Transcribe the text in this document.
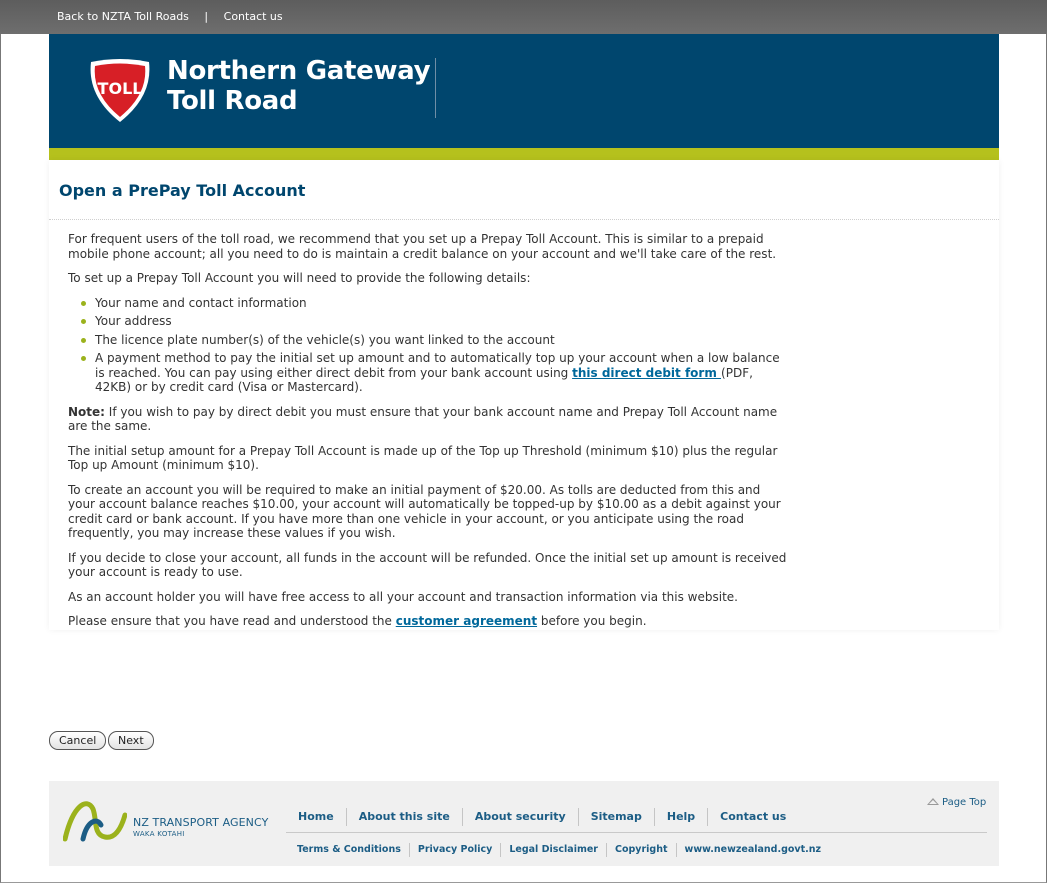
Back to NZTA Toll Roads | Contact us
TOLL
Northern Gateway
Toll Road
Open a PrePay Toll Account

For frequent users of the toll road, we recommend that you set up a Prepay Toll Account. This is similar to a prepaid mobile phone account; all you need to do is maintain a credit balance on your account and we'll take care of the rest.

To set up a Prepay Toll Account you will need to provide the following details:

Your name and contact information
Your address
The licence plate number(s) of the vehicle(s) you want linked to the account
A payment method to pay the initial set up amount and to automatically top up your account when a low balance is reached. You can pay using either direct debit from your bank account using this direct debit form (PDF, 42KB) or by credit card (Visa or Mastercard).

Note: If you wish to pay by direct debit you must ensure that your bank account name and Prepay Toll Account name are the same.

The initial setup amount for a Prepay Toll Account is made up of the Top up Threshold (minimum $10) plus the regular Top up Amount (minimum $10).

To create an account you will be required to make an initial payment of $20.00. As tolls are deducted from this and your account balance reaches $10.00, your account will automatically be topped-up by $10.00 as a debit against your credit card or bank account. If you have more than one vehicle in your account, or you anticipate using the road frequently, you may increase these values if you wish.

If you decide to close your account, all funds in the account will be refunded. Once the initial set up amount is received your account is ready to use.

As an account holder you will have free access to all your account and transaction information via this website.

Please ensure that you have read and understood the customer agreement before you begin.

Cancel	Next
NZ TRANSPORT AGENCY
WAKA KOTAHI
Page Top
Home	About this site	About security	Sitemap	Help	Contact us
Terms & Conditions	Privacy Policy	Legal Disclaimer	Copyright	www.newzealand.govt.nz
